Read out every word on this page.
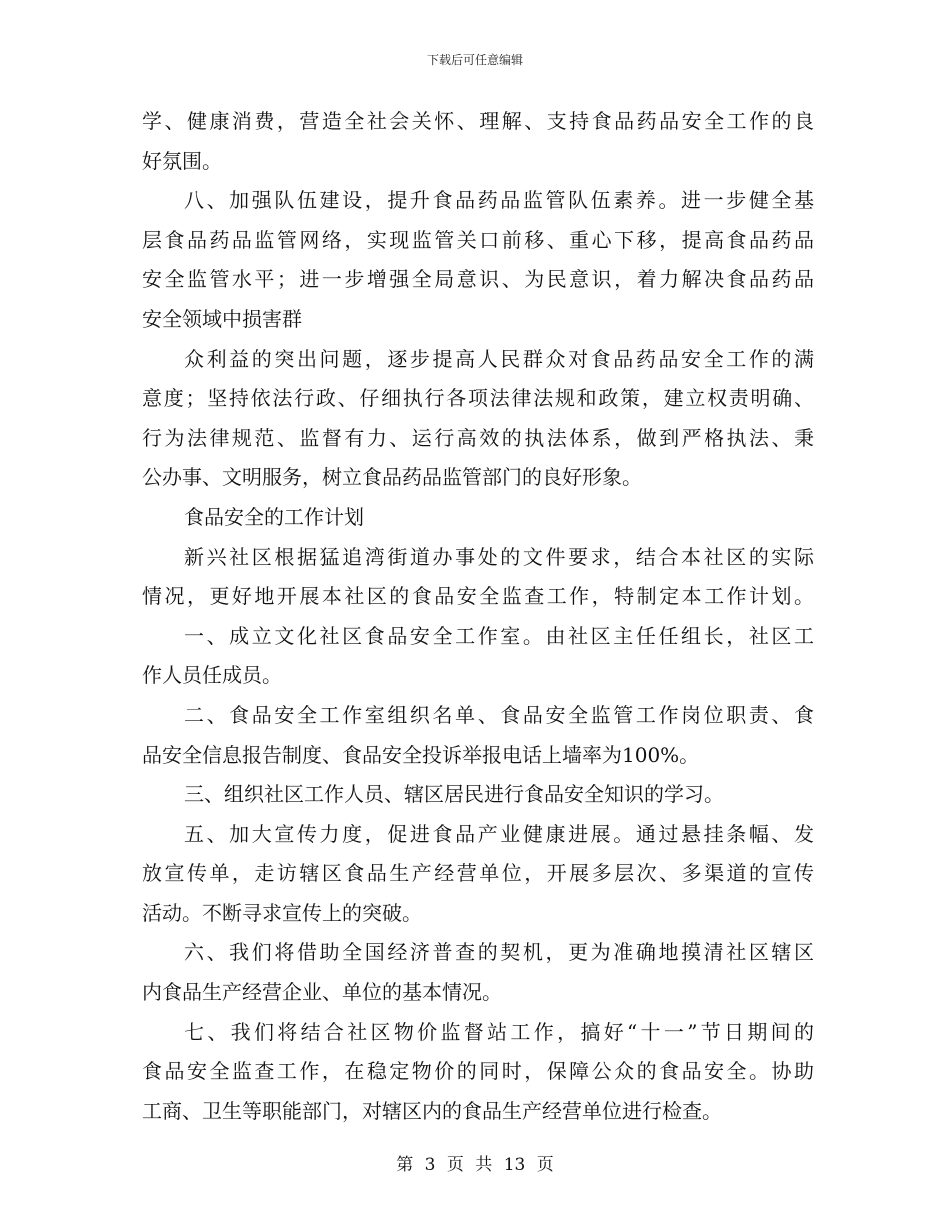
下载后可任意编辑
学、健康消费，营造全社会关怀、理解、支持食品药品安全工作的良
好氛围。
八、加强队伍建设，提升食品药品监管队伍素养。进一步健全基
层食品药品监管网络，实现监管关口前移、重心下移，提高食品药品
安全监管水平；进一步增强全局意识、为民意识，着力解决食品药品
安全领域中损害群
众利益的突出问题，逐步提高人民群众对食品药品安全工作的满
意度；坚持依法行政、仔细执行各项法律法规和政策，建立权责明确、
行为法律规范、监督有力、运行高效的执法体系，做到严格执法、秉
公办事、文明服务，树立食品药品监管部门的良好形象。
食品安全的工作计划
新兴社区根据猛追湾街道办事处的文件要求，结合本社区的实际
情况，更好地开展本社区的食品安全监查工作，特制定本工作计划。
一、成立文化社区食品安全工作室。由社区主任任组长，社区工
作人员任成员。
二、食品安全工作室组织名单、食品安全监管工作岗位职责、食
品安全信息报告制度、食品安全投诉举报电话上墙率为100%。
三、组织社区工作人员、辖区居民进行食品安全知识的学习。
五、加大宣传力度，促进食品产业健康进展。通过悬挂条幅、发
放宣传单，走访辖区食品生产经营单位，开展多层次、多渠道的宣传
活动。不断寻求宣传上的突破。
六、我们将借助全国经济普查的契机，更为准确地摸清社区辖区
内食品生产经营企业、单位的基本情况。
七、我们将结合社区物价监督站工作，搞好“十一”节日期间的
食品安全监查工作，在稳定物价的同时，保障公众的食品安全。协助
工商、卫生等职能部门，对辖区内的食品生产经营单位进行检查。
第 3 页 共 13 页
